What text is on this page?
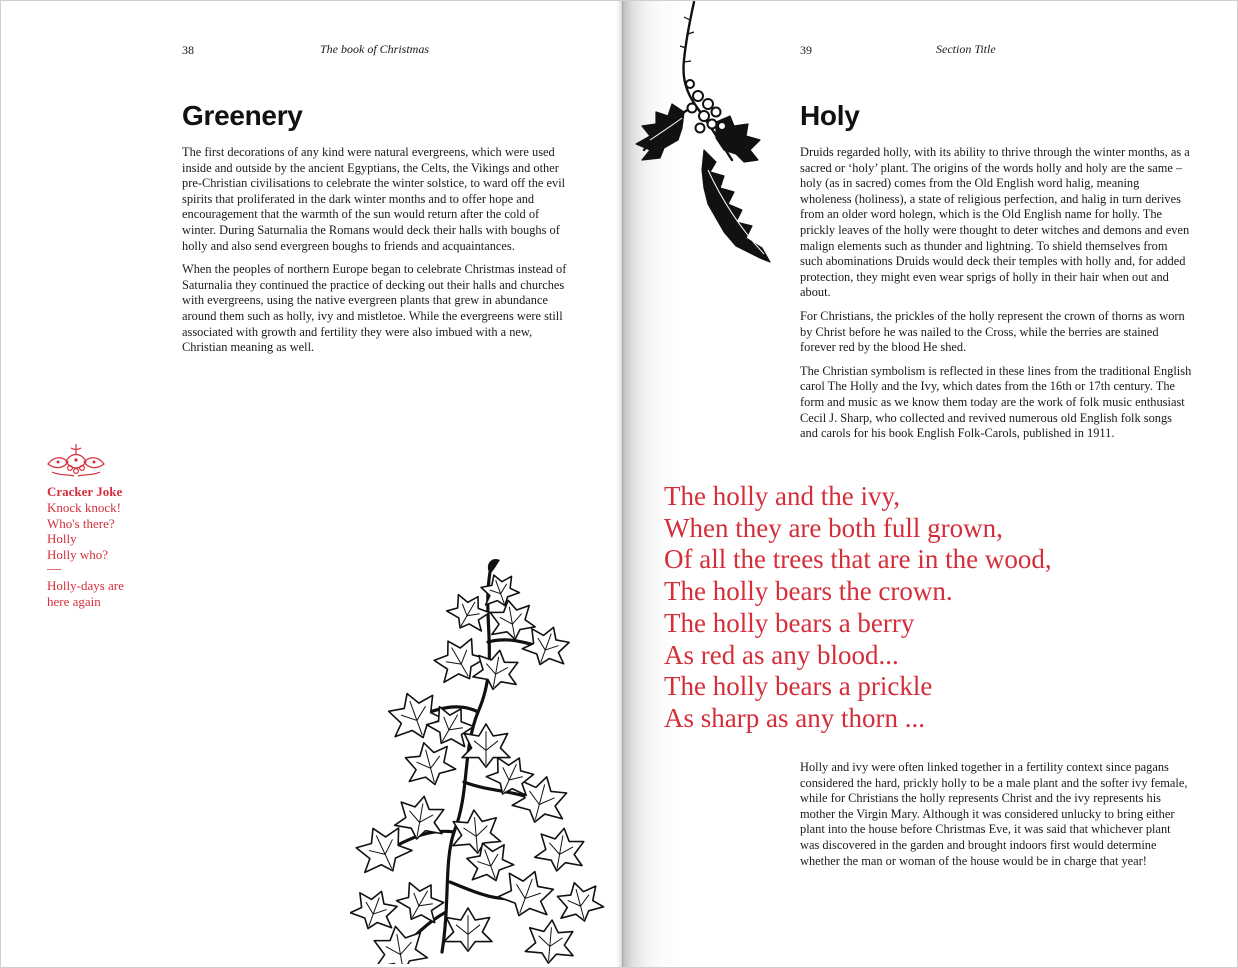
38	The book of Christmas
Greenery

The first decorations of any kind were natural evergreens, which were used inside and outside by the ancient Egyptians, the Celts, the Vikings and other pre-Christian civilisations to celebrate the winter solstice, to ward off the evil spirits that proliferated in the dark winter months and to offer hope and encouragement that the warmth of the sun would return after the cold of winter. During Saturnalia the Romans would deck their halls with boughs of holly and also send evergreen boughs to friends and acquaintances.

When the peoples of northern Europe began to celebrate Christmas instead of Saturnalia they continued the practice of decking out their halls and churches with evergreens, using the native evergreen plants that grew in abundance around them such as holly, ivy and mistletoe. While the evergreens were still associated with growth and fertility they were also imbued with a new, Christian meaning as well.

Cracker Joke
Knock knock!
Who's there?
Holly
Holly who?
Holly-days are
here again
39	Section Title
Holy

Druids regarded holly, with its ability to thrive through the winter months, as a sacred or ‘holy’ plant. The origins of the words holly and holy are the same – holy (as in sacred) comes from the Old English word halig, meaning wholeness (holiness), a state of religious perfection, and halig in turn derives from an older word holegn, which is the Old English name for holly. The prickly leaves of the holly were thought to deter witches and demons and even malign elements such as thunder and lightning. To shield themselves from such abominations Druids would deck their temples with holly and, for added protection, they might even wear sprigs of holly in their hair when out and about.

For Christians, the prickles of the holly represent the crown of thorns as worn by Christ before he was nailed to the Cross, while the berries are stained forever red by the blood He shed.

The Christian symbolism is reflected in these lines from the traditional English carol The Holly and the Ivy, which dates from the 16th or 17th century. The form and music as we know them today are the work of folk music enthusiast Cecil J. Sharp, who collected and revived numerous old English folk songs and carols for his book English Folk-Carols, published in 1911.

The holly and the ivy,
When they are both full grown,
Of all the trees that are in the wood,
The holly bears the crown.
The holly bears a berry
As red as any blood...
The holly bears a prickle
As sharp as any thorn ...

Holly and ivy were often linked together in a fertility context since pagans considered the hard, prickly holly to be a male plant and the softer ivy female, while for Christians the holly represents Christ and the ivy represents his mother the Virgin Mary. Although it was considered unlucky to bring either plant into the house before Christmas Eve, it was said that whichever plant was discovered in the garden and brought indoors first would determine whether the man or woman of the house would be in charge that year!
